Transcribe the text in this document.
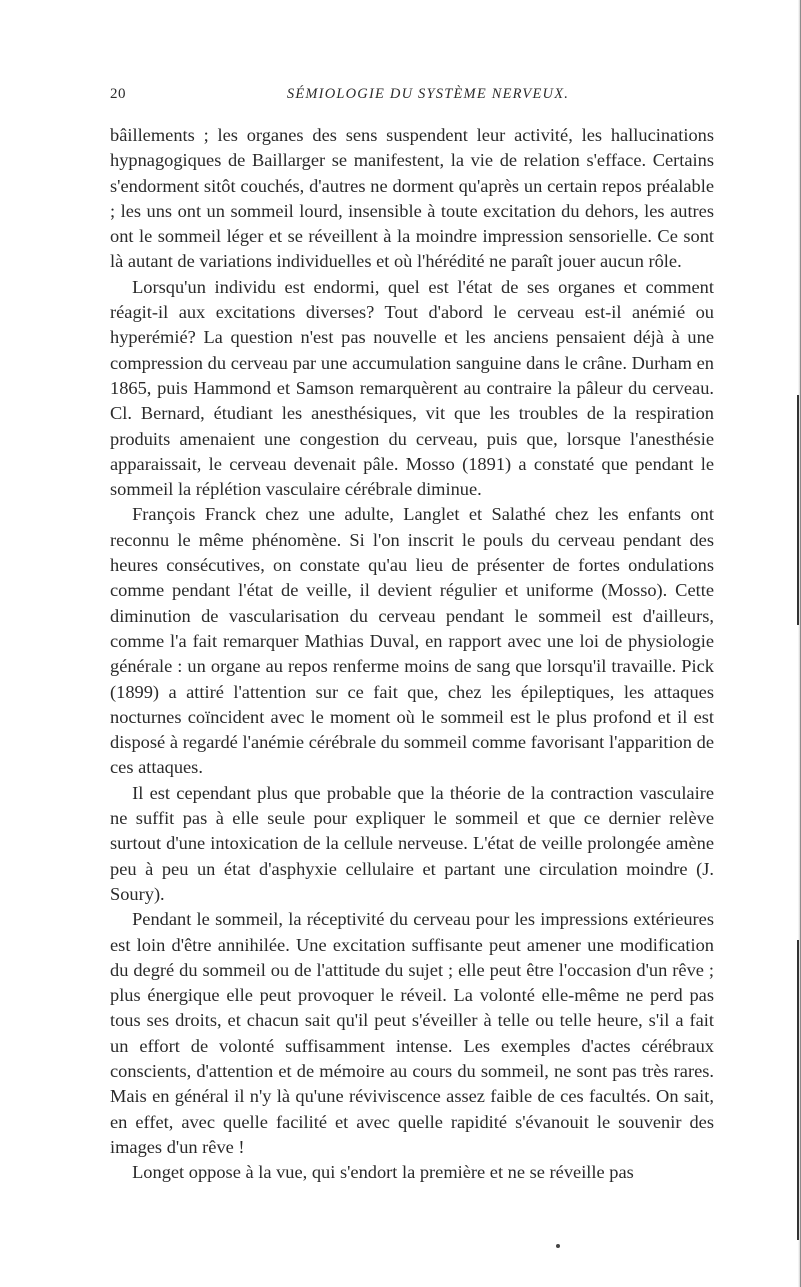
20	SÉMIOLOGIE DU SYSTÈME NERVEUX.

bâillements ; les organes des sens suspendent leur activité, les hallucinations hypnagogiques de Baillarger se manifestent, la vie de relation s'efface. Certains s'endorment sitôt couchés, d'autres ne dorment qu'après un certain repos préalable ; les uns ont un sommeil lourd, insensible à toute excitation du dehors, les autres ont le sommeil léger et se réveillent à la moindre impression sensorielle. Ce sont là autant de variations individuelles et où l'hérédité ne paraît jouer aucun rôle.

Lorsqu'un individu est endormi, quel est l'état de ses organes et comment réagit-il aux excitations diverses? Tout d'abord le cerveau est-il anémié ou hyperémié? La question n'est pas nouvelle et les anciens pensaient déjà à une compression du cerveau par une accumulation sanguine dans le crâne. Durham en 1865, puis Hammond et Samson remarquèrent au contraire la pâleur du cerveau. Cl. Bernard, étudiant les anesthésiques, vit que les troubles de la respiration produits amenaient une congestion du cerveau, puis que, lorsque l'anesthésie apparaissait, le cerveau devenait pâle. Mosso (1891) a constaté que pendant le sommeil la réplétion vasculaire cérébrale diminue.

François Franck chez une adulte, Langlet et Salathé chez les enfants ont reconnu le même phénomène. Si l'on inscrit le pouls du cerveau pendant des heures consécutives, on constate qu'au lieu de présenter de fortes ondulations comme pendant l'état de veille, il devient régulier et uniforme (Mosso). Cette diminution de vascularisation du cerveau pendant le sommeil est d'ailleurs, comme l'a fait remarquer Mathias Duval, en rapport avec une loi de physiologie générale : un organe au repos renferme moins de sang que lorsqu'il travaille. Pick (1899) a attiré l'attention sur ce fait que, chez les épileptiques, les attaques nocturnes coïncident avec le moment où le sommeil est le plus profond et il est disposé à regardé l'anémie cérébrale du sommeil comme favorisant l'apparition de ces attaques.

Il est cependant plus que probable que la théorie de la contraction vasculaire ne suffit pas à elle seule pour expliquer le sommeil et que ce dernier relève surtout d'une intoxication de la cellule nerveuse. L'état de veille prolongée amène peu à peu un état d'asphyxie cellulaire et partant une circulation moindre (J. Soury).

Pendant le sommeil, la réceptivité du cerveau pour les impressions extérieures est loin d'être annihilée. Une excitation suffisante peut amener une modification du degré du sommeil ou de l'attitude du sujet ; elle peut être l'occasion d'un rêve ; plus énergique elle peut provoquer le réveil. La volonté elle-même ne perd pas tous ses droits, et chacun sait qu'il peut s'éveiller à telle ou telle heure, s'il a fait un effort de volonté suffisamment intense. Les exemples d'actes cérébraux conscients, d'attention et de mémoire au cours du sommeil, ne sont pas très rares. Mais en général il n'y là qu'une réviviscence assez faible de ces facultés. On sait, en effet, avec quelle facilité et avec quelle rapidité s'évanouit le souvenir des images d'un rêve !

Longet oppose à la vue, qui s'endort la première et ne se réveille pas
